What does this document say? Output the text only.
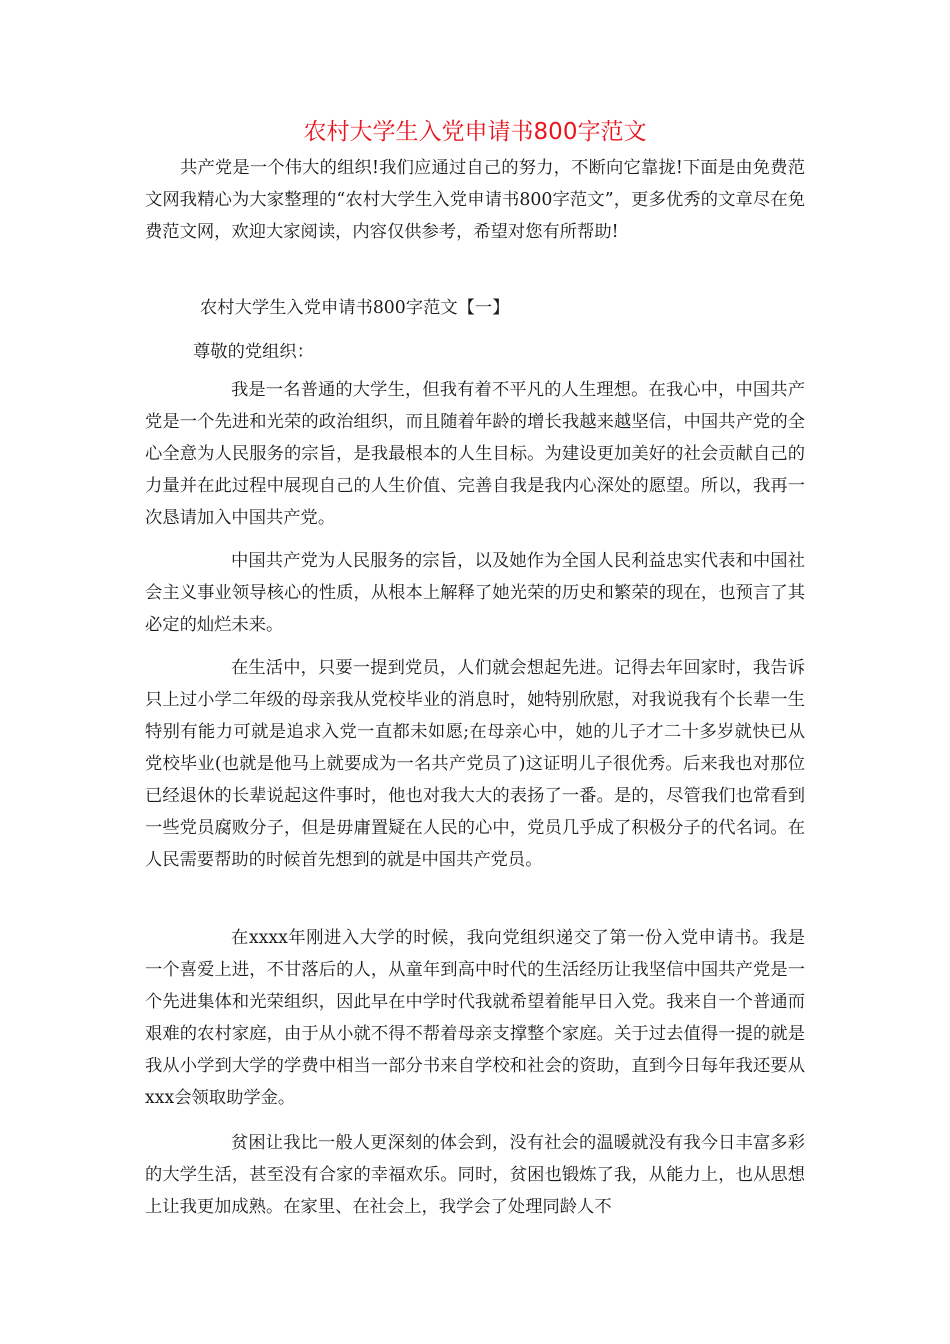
农村大学生入党申请书800字范文

共产党是一个伟大的组织!我们应通过自己的努力，不断向它靠拢!下面是由免费范文网我精心为大家整理的“农村大学生入党申请书800字范文”，更多优秀的文章尽在免费范文网，欢迎大家阅读，内容仅供参考，希望对您有所帮助!

农村大学生入党申请书800字范文【一】

尊敬的党组织：

我是一名普通的大学生，但我有着不平凡的人生理想。在我心中，中国共产党是一个先进和光荣的政治组织，而且随着年龄的增长我越来越坚信，中国共产党的全心全意为人民服务的宗旨，是我最根本的人生目标。为建设更加美好的社会贡献自己的力量并在此过程中展现自己的人生价值、完善自我是我内心深处的愿望。所以，我再一次恳请加入中国共产党。

中国共产党为人民服务的宗旨，以及她作为全国人民利益忠实代表和中国社会主义事业领导核心的性质，从根本上解释了她光荣的历史和繁荣的现在，也预言了其必定的灿烂未来。

在生活中，只要一提到党员，人们就会想起先进。记得去年回家时，我告诉只上过小学二年级的母亲我从党校毕业的消息时，她特别欣慰，对我说我有个长辈一生特别有能力可就是追求入党一直都未如愿;在母亲心中，她的儿子才二十多岁就快已从党校毕业(也就是他马上就要成为一名共产党员了)这证明儿子很优秀。后来我也对那位已经退休的长辈说起这件事时，他也对我大大的表扬了一番。是的，尽管我们也常看到一些党员腐败分子，但是毋庸置疑在人民的心中，党员几乎成了积极分子的代名词。在人民需要帮助的时候首先想到的就是中国共产党员。

在xxxx年刚进入大学的时候，我向党组织递交了第一份入党申请书。我是一个喜爱上进，不甘落后的人，从童年到高中时代的生活经历让我坚信中国共产党是一个先进集体和光荣组织，因此早在中学时代我就希望着能早日入党。我来自一个普通而艰难的农村家庭，由于从小就不得不帮着母亲支撑整个家庭。关于过去值得一提的就是我从小学到大学的学费中相当一部分书来自学校和社会的资助，直到今日每年我还要从xxx会领取助学金。

贫困让我比一般人更深刻的体会到，没有社会的温暖就没有我今日丰富多彩的大学生活，甚至没有合家的幸福欢乐。同时，贫困也锻炼了我，从能力上，也从思想上让我更加成熟。在家里、在社会上，我学会了处理同龄人不
